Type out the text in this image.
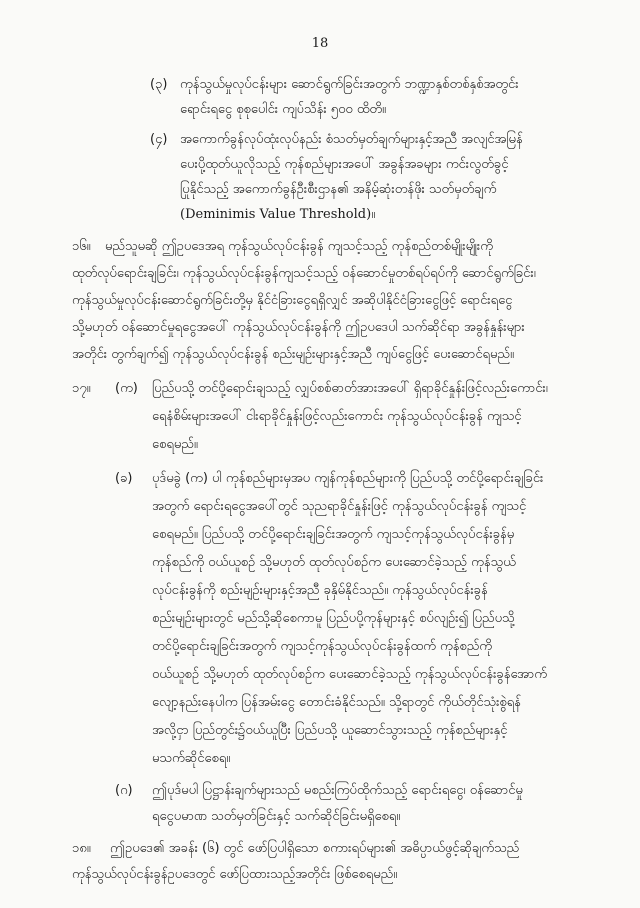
18
(၃) ကုန်သွယ်မှုလုပ်ငန်းများ ဆောင်ရွက်ခြင်းအတွက် ဘဏ္ဍာနှစ်တစ်နှစ်အတွင်း
ရောင်းရငွေ စုစုပေါင်း ကျပ်သိန်း ၅၀၀ ထိတိ။
(၄) အကောက်ခွန်လုပ်ထုံးလုပ်နည်း စံသတ်မှတ်ချက်များနှင့်အညီ အလျင်အမြန်
ပေးပို့ထုတ်ယူလိုသည့် ကုန်စည်များအပေါ် အခွန်အခများ ကင်းလွတ်ခွင့်
ပြုနိုင်သည့် အကောက်ခွန်ဦးစီးဌာန၏ အနိမ့်ဆုံးတန်ဖိုး သတ်မှတ်ချက်
(Deminimis Value Threshold)။
၁၆။ မည်သူမဆို ဤဥပဒေအရ ကုန်သွယ်လုပ်ငန်းခွန် ကျသင့်သည့် ကုန်စည်တစ်မျိုးမျိုးကို
ထုတ်လုပ်ရောင်းချခြင်း၊ ကုန်သွယ်လုပ်ငန်းခွန်ကျသင့်သည့် ဝန်ဆောင်မှုတစ်ရပ်ရပ်ကို ဆောင်ရွက်ခြင်း၊
ကုန်သွယ်မှုလုပ်ငန်းဆောင်ရွက်ခြင်းတို့မှ နိုင်ငံခြားငွေရရှိလျှင် အဆိုပါနိုင်ငံခြားငွေဖြင့် ရောင်းရငွေ
သို့မဟုတ် ဝန်ဆောင်မှုရငွေအပေါ် ကုန်သွယ်လုပ်ငန်းခွန်ကို ဤဥပဒေပါ သက်ဆိုင်ရာ အခွန်နှုန်းများ
အတိုင်း တွက်ချက်၍ ကုန်သွယ်လုပ်ငန်းခွန် စည်းမျဉ်းများနှင့်အညီ ကျပ်ငွေဖြင့် ပေးဆောင်ရမည်။
၁၇။ (က) ပြည်ပသို့ တင်ပို့ရောင်းချသည့် လျှပ်စစ်ဓာတ်အားအပေါ် ရှိရာခိုင်နှုန်းဖြင့်လည်းကောင်း၊
ရေနံစိမ်းများအပေါ် ငါးရာခိုင်နှုန်းဖြင့်လည်းကောင်း ကုန်သွယ်လုပ်ငန်းခွန် ကျသင့်
စေရမည်။
(ခ) ပုဒ်မခွဲ (က) ပါ ကုန်စည်များမှအပ ကျန်ကုန်စည်များကို ပြည်ပသို့ တင်ပို့ရောင်းချခြင်း
အတွက် ရောင်းရငွေအပေါ်တွင် သုညရာခိုင်နှုန်းဖြင့် ကုန်သွယ်လုပ်ငန်းခွန် ကျသင့်
စေရမည်။ ပြည်ပသို့ တင်ပို့ရောင်းချခြင်းအတွက် ကျသင့်ကုန်သွယ်လုပ်ငန်းခွန်မှ
ကုန်စည်ကို ဝယ်ယူစဉ် သို့မဟုတ် ထုတ်လုပ်စဉ်က ပေးဆောင်ခဲ့သည့် ကုန်သွယ်
လုပ်ငန်းခွန်ကို စည်းမျဉ်းများနှင့်အညီ ခုနှိမ်နိုင်သည်။ ကုန်သွယ်လုပ်ငန်းခွန်
စည်းမျဉ်းများတွင် မည်သို့ဆိုစေကာမူ ပြည်ပပို့ကုန်များနှင့် စပ်လျဉ်း၍ ပြည်ပသို့
တင်ပို့ရောင်းချခြင်းအတွက် ကျသင့်ကုန်သွယ်လုပ်ငန်းခွန်ထက် ကုန်စည်ကို
ဝယ်ယူစဉ် သို့မဟုတ် ထုတ်လုပ်စဉ်က ပေးဆောင်ခဲ့သည့် ကုန်သွယ်လုပ်ငန်းခွန်အောက်
လျော့နည်းနေပါက ပြန်အမ်းငွေ တောင်းခံနိုင်သည်။ သို့ရာတွင် ကိုယ်တိုင်သုံးစွဲရန်
အလို့ငှာ ပြည်တွင်း၌ဝယ်ယူပြီး ပြည်ပသို့ ယူဆောင်သွားသည့် ကုန်စည်များနှင့်
မသက်ဆိုင်စေရ။
(ဂ) ဤပုဒ်မပါ ပြဋ္ဌာန်းချက်များသည် မစည်းကြပ်ထိုက်သည့် ရောင်းရငွေ၊ ဝန်ဆောင်မှု
ရငွေပမာဏ သတ်မှတ်ခြင်းနှင့် သက်ဆိုင်ခြင်းမရှိစေရ။
၁၈။ ဤဥပဒေ၏ အခန်း (၆) တွင် ဖော်ပြပါရှိသော စကားရပ်များ၏ အဓိပ္ပာယ်ဖွင့်ဆိုချက်သည်
ကုန်သွယ်လုပ်ငန်းခွန်ဥပဒေတွင် ဖော်ပြထားသည့်အတိုင်း ဖြစ်စေရမည်။
